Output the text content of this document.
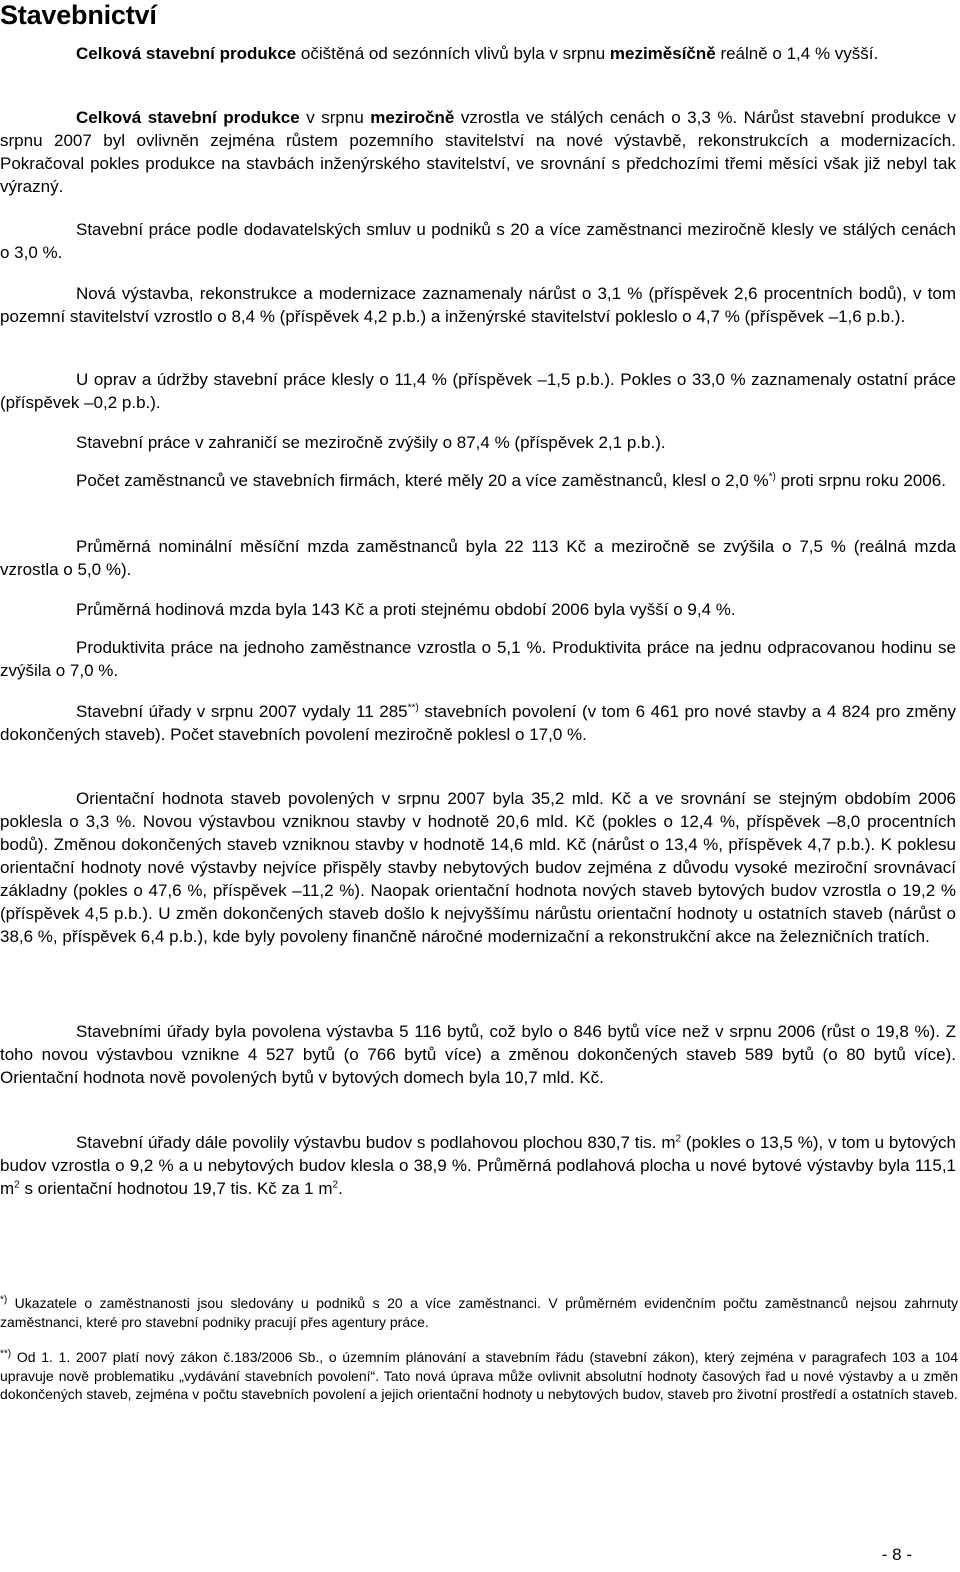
Stavebnictví

Celková stavební produkce očištěná od sezónních vlivů byla v srpnu meziměsíčně reálně o 1,4 % vyšší.

Celková stavební produkce v srpnu meziročně vzrostla ve stálých cenách o 3,3 %. Nárůst stavební produkce v srpnu 2007 byl ovlivněn zejména růstem pozemního stavitelství na nové výstavbě, rekonstrukcích a modernizacích. Pokračoval pokles produkce na stavbách inženýrského stavitelství, ve srovnání s předchozími třemi měsíci však již nebyl tak výrazný.

Stavební práce podle dodavatelských smluv u podniků s 20 a více zaměstnanci meziročně klesly ve stálých cenách o 3,0 %.

Nová výstavba, rekonstrukce a modernizace zaznamenaly nárůst o 3,1 % (příspěvek 2,6 procentních bodů), v tom pozemní stavitelství vzrostlo o 8,4 % (příspěvek 4,2 p.b.) a inženýrské stavitelství pokleslo o 4,7 % (příspěvek –1,6 p.b.).

U oprav a údržby stavební práce klesly o 11,4 % (příspěvek –1,5 p.b.). Pokles o 33,0 % zaznamenaly ostatní práce (příspěvek –0,2 p.b.).

Stavební práce v zahraničí se meziročně zvýšily o 87,4 % (příspěvek 2,1 p.b.).

Počet zaměstnanců ve stavebních firmách, které měly 20 a více zaměstnanců, klesl o 2,0 %*) proti srpnu roku 2006.

Průměrná nominální měsíční mzda zaměstnanců byla 22 113 Kč a meziročně se zvýšila o 7,5 % (reálná mzda vzrostla o 5,0 %).

Průměrná hodinová mzda byla 143 Kč a proti stejnému období 2006 byla vyšší o 9,4 %.

Produktivita práce na jednoho zaměstnance vzrostla o 5,1 %. Produktivita práce na jednu odpracovanou hodinu se zvýšila o 7,0 %.

Stavební úřady v srpnu 2007 vydaly 11 285**) stavebních povolení (v tom 6 461 pro nové stavby a 4 824 pro změny dokončených staveb). Počet stavebních povolení meziročně poklesl o 17,0 %.

Orientační hodnota staveb povolených v srpnu 2007 byla 35,2 mld. Kč a ve srovnání se stejným obdobím 2006 poklesla o 3,3 %. Novou výstavbou vzniknou stavby v hodnotě 20,6 mld. Kč (pokles o 12,4 %, příspěvek –8,0 procentních bodů). Změnou dokončených staveb vzniknou stavby v hodnotě 14,6 mld. Kč (nárůst o 13,4 %, příspěvek 4,7 p.b.). K poklesu orientační hodnoty nové výstavby nejvíce přispěly stavby nebytových budov zejména z důvodu vysoké meziroční srovnávací základny (pokles o 47,6 %, příspěvek –11,2 %). Naopak orientační hodnota nových staveb bytových budov vzrostla o 19,2 % (příspěvek 4,5 p.b.). U změn dokončených staveb došlo k nejvyššímu nárůstu orientační hodnoty u ostatních staveb (nárůst o 38,6 %, příspěvek 6,4 p.b.), kde byly povoleny finančně náročné modernizační a rekonstrukční akce na železničních tratích.

Stavebními úřady byla povolena výstavba 5 116 bytů, což bylo o 846 bytů více než v srpnu 2006 (růst o 19,8 %). Z toho novou výstavbou vznikne 4 527 bytů (o 766 bytů více) a změnou dokončených staveb 589 bytů (o 80 bytů více). Orientační hodnota nově povolených bytů v bytových domech byla 10,7 mld. Kč.

Stavební úřady dále povolily výstavbu budov s podlahovou plochou 830,7 tis. $m^2$ (pokles o 13,5 %), v tom u bytových budov vzrostla o 9,2 % a u nebytových budov klesla o 38,9 %. Průměrná podlahová plocha u nové bytové výstavby byla 115,1 $m^2$ s orientační hodnotou 19,7 tis. Kč za 1 $m^2$.

*) Ukazatele o zaměstnanosti jsou sledovány u podniků s 20 a více zaměstnanci. V průměrném evidenčním počtu zaměstnanců nejsou zahrnuty zaměstnanci, které pro stavební podniky pracují přes agentury práce.

**) Od 1. 1. 2007 platí nový zákon č.183/2006 Sb., o územním plánování a stavebním řádu (stavební zákon), který zejména v paragrafech 103 a 104 upravuje nově problematiku „vydávání stavebních povolení“. Tato nová úprava může ovlivnit absolutní hodnoty časových řad u nové výstavby a u změn dokončených staveb, zejména v počtu stavebních povolení a jejich orientační hodnoty u nebytových budov, staveb pro životní prostředí a ostatních staveb.

- 8 -
